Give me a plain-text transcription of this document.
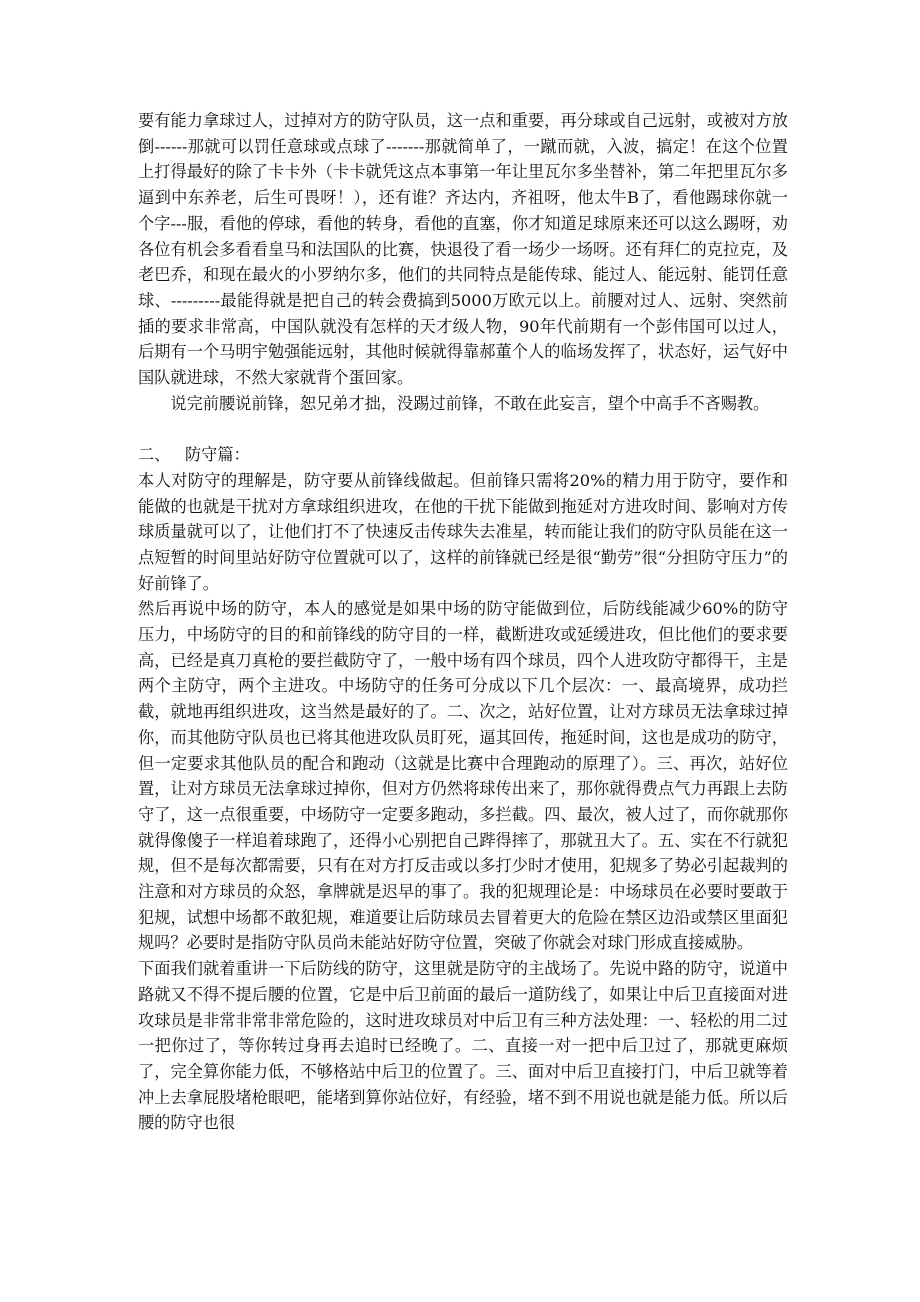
要有能力拿球过人，过掉对方的防守队员，这一点和重要，再分球或自己远射，或被对方放倒------那就可以罚任意球或点球了-------那就简单了，一蹴而就，入波，搞定！在这个位置上打得最好的除了卡卡外（卡卡就凭这点本事第一年让里瓦尔多坐替补，第二年把里瓦尔多逼到中东养老，后生可畏呀！），还有谁？齐达内，齐祖呀，他太牛B了，看他踢球你就一个字---服，看他的停球，看他的转身，看他的直塞，你才知道足球原来还可以这么踢呀，劝各位有机会多看看皇马和法国队的比赛，快退役了看一场少一场呀。还有拜仁的克拉克，及老巴乔，和现在最火的小罗纳尔多，他们的共同特点是能传球、能过人、能远射、能罚任意球、---------最能得就是把自己的转会费搞到5000万欧元以上。前腰对过人、远射、突然前插的要求非常高，中国队就没有怎样的天才级人物，90年代前期有一个彭伟国可以过人，后期有一个马明宇勉强能远射，其他时候就得靠郝董个人的临场发挥了，状态好，运气好中国队就进球，不然大家就背个蛋回家。

说完前腰说前锋，恕兄弟才拙，没踢过前锋，不敢在此妄言，望个中高手不吝赐教。

二、 防守篇：

本人对防守的理解是，防守要从前锋线做起。但前锋只需将20%的精力用于防守，要作和能做的也就是干扰对方拿球组织进攻，在他的干扰下能做到拖延对方进攻时间、影响对方传球质量就可以了，让他们打不了快速反击传球失去准星，转而能让我们的防守队员能在这一点短暂的时间里站好防守位置就可以了，这样的前锋就已经是很“勤劳”很“分担防守压力”的好前锋了。

然后再说中场的防守，本人的感觉是如果中场的防守能做到位，后防线能减少60%的防守压力，中场防守的目的和前锋线的防守目的一样，截断进攻或延缓进攻，但比他们的要求要高，已经是真刀真枪的要拦截防守了，一般中场有四个球员，四个人进攻防守都得干，主是两个主防守，两个主进攻。中场防守的任务可分成以下几个层次：一、最高境界，成功拦截，就地再组织进攻，这当然是最好的了。二、次之，站好位置，让对方球员无法拿球过掉你，而其他防守队员也已将其他进攻队员盯死，逼其回传，拖延时间，这也是成功的防守，但一定要求其他队员的配合和跑动（这就是比赛中合理跑动的原理了）。三、再次，站好位置，让对方球员无法拿球过掉你，但对方仍然将球传出来了，那你就得费点气力再跟上去防守了，这一点很重要，中场防守一定要多跑动，多拦截。四、最次，被人过了，而你就那你就得像傻子一样追着球跑了，还得小心别把自己跸得摔了，那就丑大了。五、实在不行就犯规，但不是每次都需要，只有在对方打反击或以多打少时才使用，犯规多了势必引起裁判的注意和对方球员的众怒，拿牌就是迟早的事了。我的犯规理论是：中场球员在必要时要敢于犯规，试想中场都不敢犯规，难道要让后防球员去冒着更大的危险在禁区边沿或禁区里面犯规吗？必要时是指防守队员尚未能站好防守位置，突破了你就会对球门形成直接威胁。

下面我们就着重讲一下后防线的防守，这里就是防守的主战场了。先说中路的防守，说道中路就又不得不提后腰的位置，它是中后卫前面的最后一道防线了，如果让中后卫直接面对进攻球员是非常非常非常危险的，这时进攻球员对中后卫有三种方法处理：一、轻松的用二过一把你过了，等你转过身再去追时已经晚了。二、直接一对一把中后卫过了，那就更麻烦了，完全算你能力低，不够格站中后卫的位置了。三、面对中后卫直接打门，中后卫就等着冲上去拿屁股堵枪眼吧，能堵到算你站位好，有经验，堵不到不用说也就是能力低。所以后腰的防守也很
